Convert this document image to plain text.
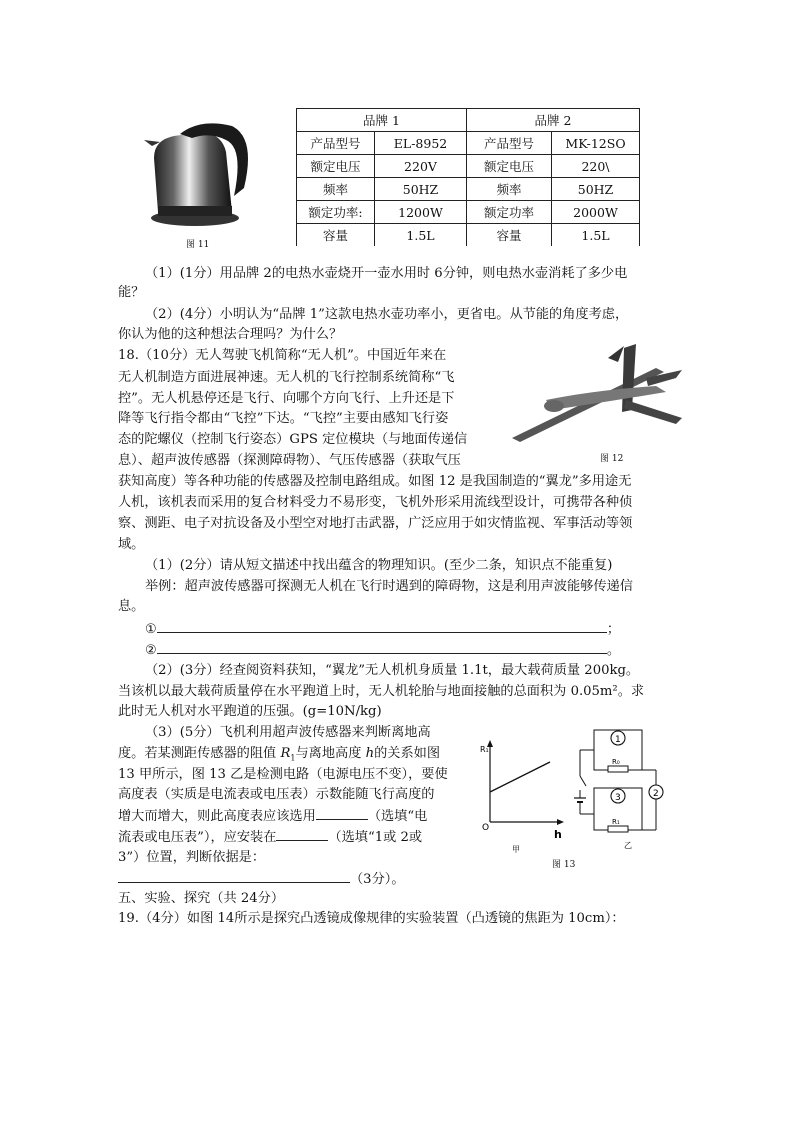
图 11
品牌 1		品牌 2	
产品型号	EL-8952	产品型号	MK-12SO
额定电压	220V	额定电压	220\
频率	50HZ	频率	50HZ
额定功率:	1200W	额定功率	2000W
容量	1.5L	容量	1.5L
（1）(1分）用品牌 2的电热水壶烧开一壶水用时 6分钟，则电热水壶消耗了多少电
能？
（2）(4分）小明认为“品牌 1”这款电热水壶功率小，更省电。从节能的角度考虑，
你认为他的这种想法合理吗？为什么？
18.（10分）无人驾驶飞机简称“无人机”。中国近年来在
无人机制造方面进展神速。无人机的飞行控制系统简称“飞
控”。无人机悬停还是飞行、向哪个方向飞行、上升还是下
降等飞行指令都由“飞控”下达。“飞控”主要由感知飞行姿
态的陀螺仪（控制飞行姿态）GPS 定位模块（与地面传递信
息）、超声波传感器（探测障碍物）、气压传感器（获取气压
获知高度）等各种功能的传感器及控制电路组成。如图 12 是我国制造的“翼龙”多用途无
人机，该机表而采用的复合材料受力不易形变，飞机外形采用流线型设计，可携带各种侦
察、测距、电子对抗设备及小型空对地打击武器，广泛应用于如灾情监视、军事活动等领
域。
图 12
（1）(2分）请从短文描述中找出蕴含的物理知识。(至少二条，知识点不能重复)
举例：超声波传感器可探测无人机在飞行时遇到的障碍物，这是利用声波能够传递信
息。
①	；
②	。
（2）(3分）经查阅资料获知，“翼龙”无人机机身质量 1.1t，最大载荷质量 200kg。
当该机以最大载荷质量停在水平跑道上时，无人机轮胎与地面接触的总面积为 0.05m²。求
此时无人机对水平跑道的压强。(g=10N/kg)
（3）(5分）飞机利用超声波传感器来判断离地高
度。若某测距传感器的阻值 $R_1$与离地高度 h的关系如图
13 甲所示，图 13 乙是检测电路（电源电压不变），要使
高度表（实质是电流表或电压表）示数能随飞行高度的
增大而增大，则此高度表应该选用	（选填“电
流表或电压表”），应安装在	（选填“1或 2或
3”）位置，判断依据是：
（3分）。
R₁
O	h
甲
1
R₀
3
R₁
2
乙
图 13
五、实验、探究（共 24分）
19.（4分）如图 14所示是探究凸透镜成像规律的实验装置（凸透镜的焦距为 10cm）：
